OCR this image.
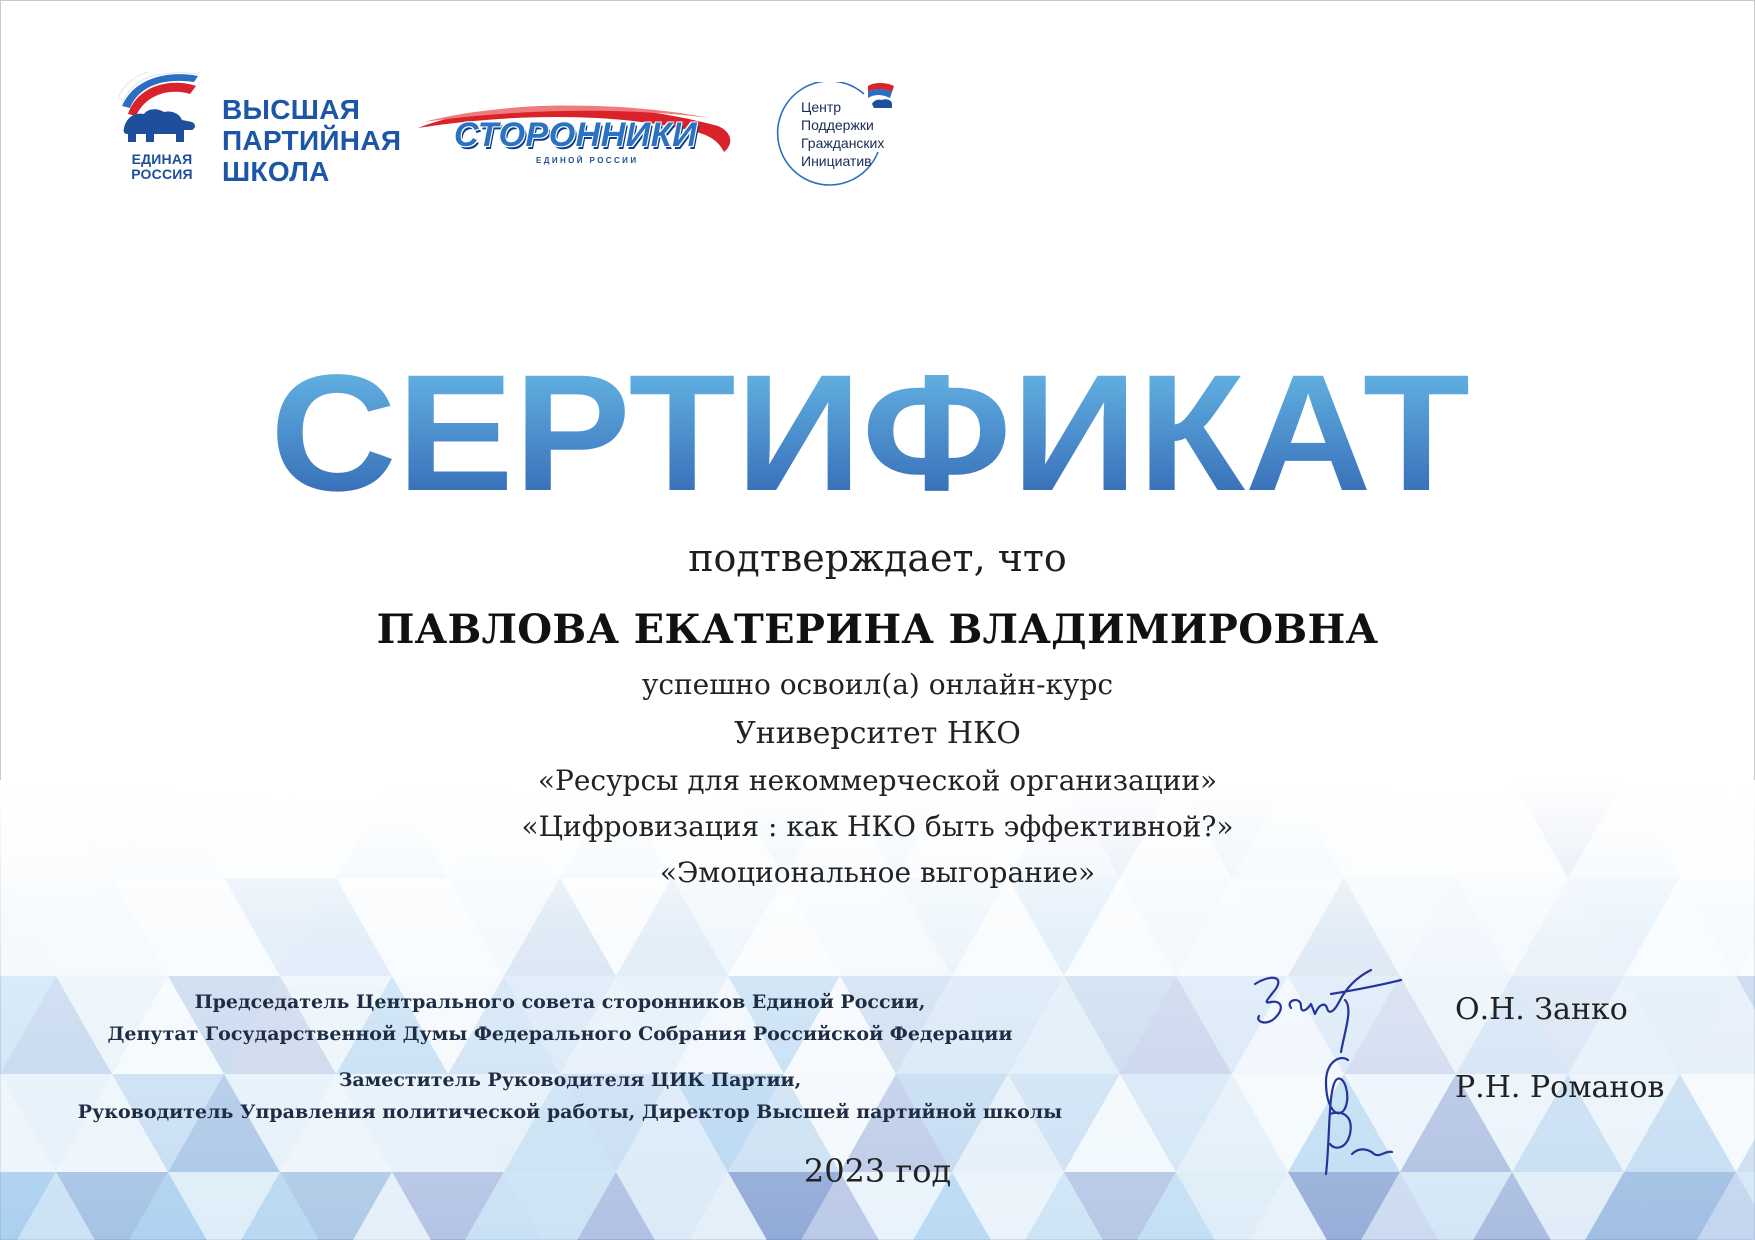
ЕДИНАЯ РОССИЯ
ВЫСШАЯ
ПАРТИЙНАЯ
ШКОЛА
СТОРОННИКИ
ЕДИНОЙ РОССИИ
Центр
Поддержки
Гражданских
Инициатив
СЕРТИФИКАТ
подтверждает, что
ПАВЛОВА ЕКАТЕРИНА ВЛАДИМИРОВНА
успешно освоил(а) онлайн-курс
Университет НКО
«Ресурсы для некоммерческой организации»
«Цифровизация : как НКО быть эффективной?»
«Эмоциональное выгорание»
Председатель Центрального совета сторонников Единой России,
Депутат Государственной Думы Федерального Собрания Российской Федерации
Заместитель Руководителя ЦИК Партии,
Руководитель Управления политической работы, Директор Высшей партийной школы
О.Н. Занко
Р.Н. Романов
2023 год
